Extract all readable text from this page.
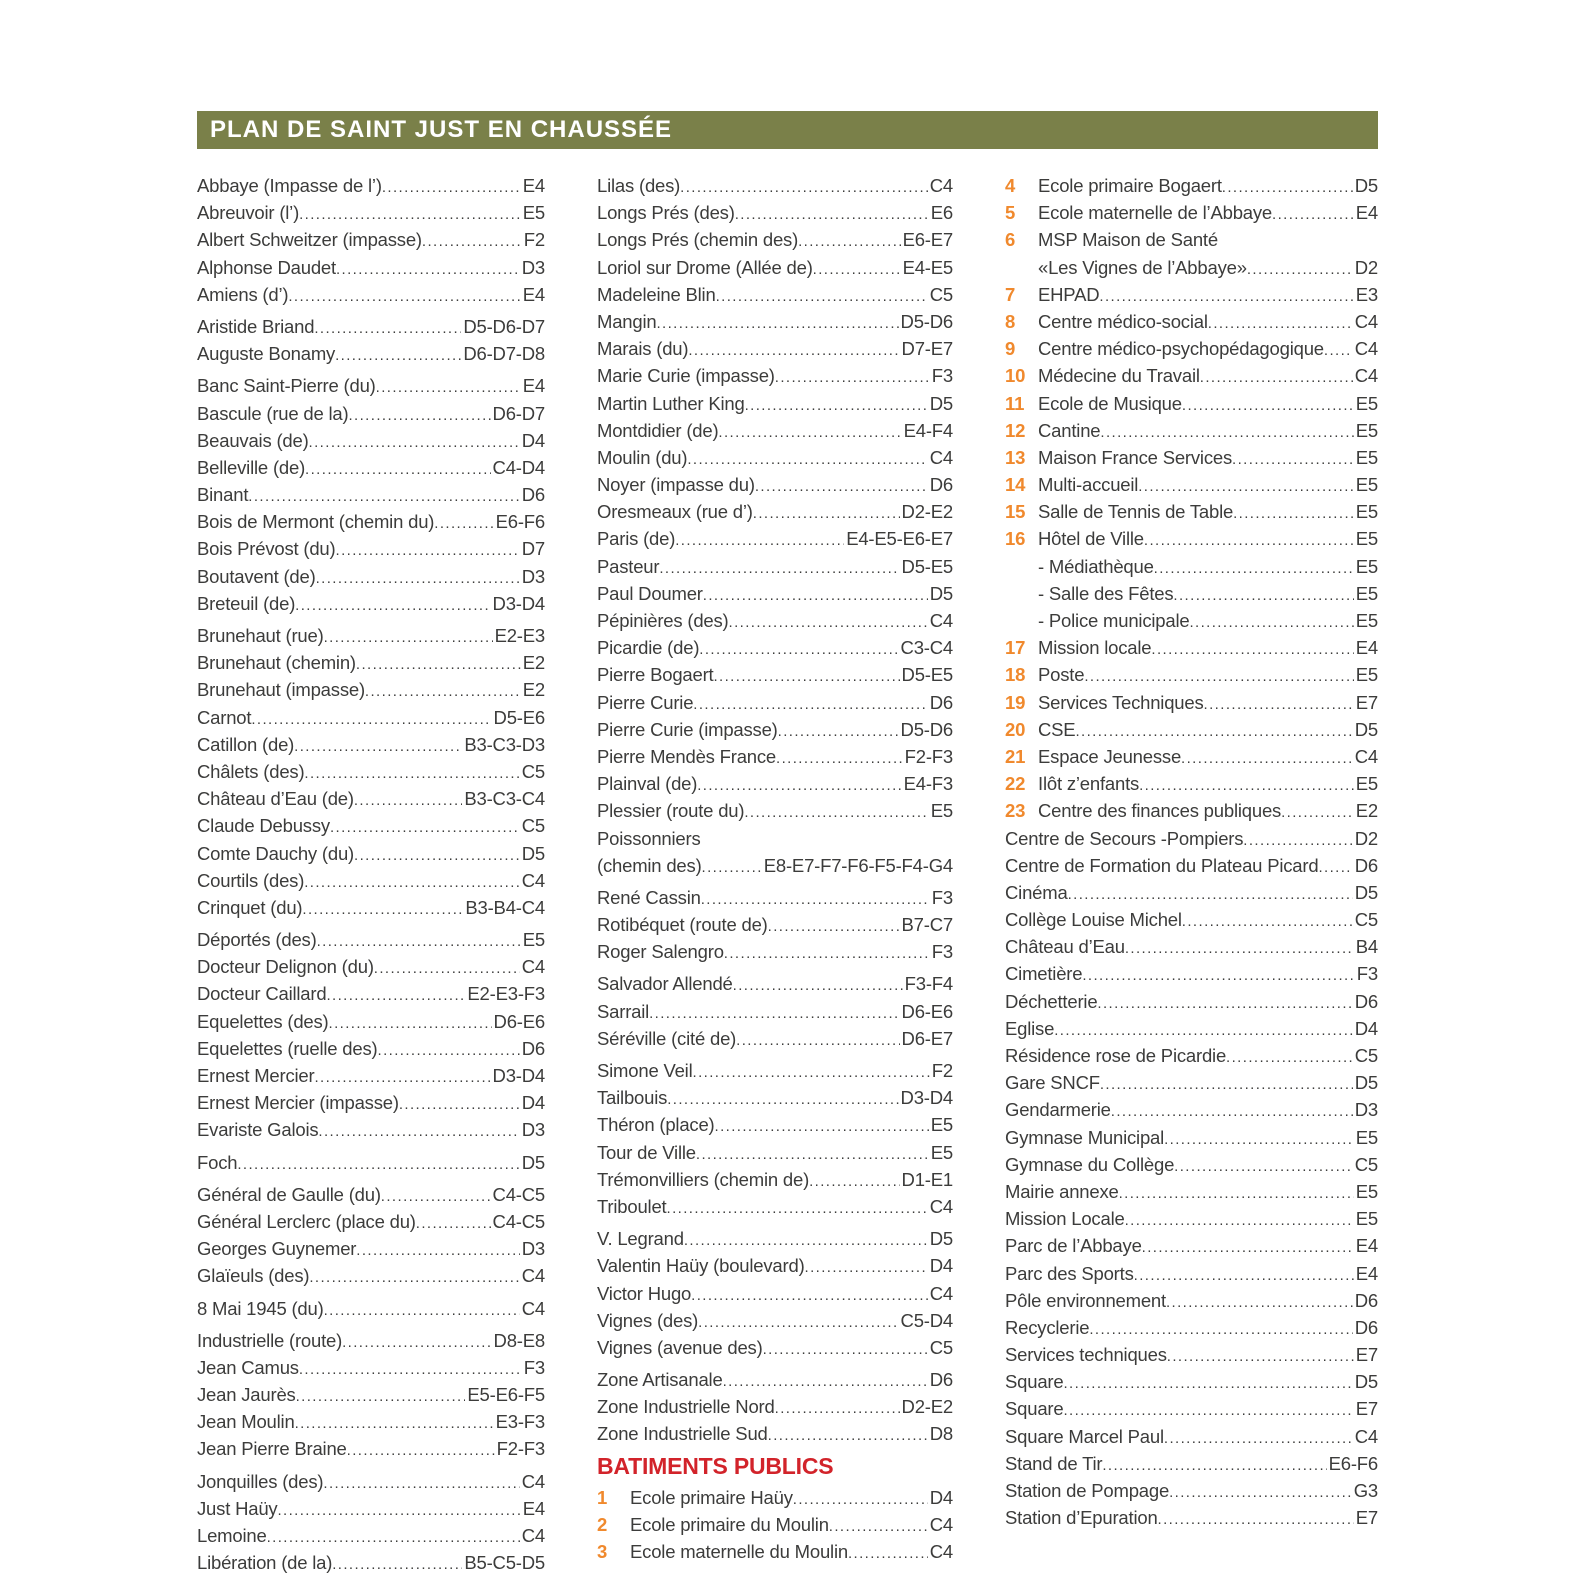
PLAN DE SAINT JUST EN CHAUSSÉE
Abbaye (Impasse de l’) .....	E4
Abreuvoir (l’) .....	E5
Albert Schweitzer (impasse) .....	F2
Alphonse Daudet .....	D3
Amiens (d’) .....	E4
Aristide Briand .....	D5-D6-D7
Auguste Bonamy .....	D6-D7-D8
Banc Saint-Pierre (du) .....	E4
Bascule (rue de la) .....	D6-D7
Beauvais (de) .....	D4
Belleville (de) .....	C4-D4
Binant .....	D6
Bois de Mermont (chemin du) .....	E6-F6
Bois Prévost (du) .....	D7
Boutavent (de) .....	D3
Breteuil (de) .....	D3-D4
Brunehaut (rue) .....	E2-E3
Brunehaut (chemin) .....	E2
Brunehaut (impasse) .....	E2
Carnot .....	D5-E6
Catillon (de) .....	B3-C3-D3
Châlets (des) .....	C5
Château d’Eau (de) .....	B3-C3-C4
Claude Debussy .....	C5
Comte Dauchy (du) .....	D5
Courtils (des) .....	C4
Crinquet (du) .....	B3-B4-C4
Déportés (des) .....	E5
Docteur Delignon (du) .....	C4
Docteur Caillard .....	E2-E3-F3
Equelettes (des) .....	D6-E6
Equelettes (ruelle des) .....	D6
Ernest Mercier .....	D3-D4
Ernest Mercier (impasse) .....	D4
Evariste Galois .....	D3
Foch .....	D5
Général de Gaulle (du) .....	C4-C5
Général Lerclerc (place du) .....	C4-C5
Georges Guynemer .....	D3
Glaïeuls (des) .....	C4
8 Mai 1945 (du) .....	C4
Industrielle (route) .....	D8-E8
Jean Camus .....	F3
Jean Jaurès .....	E5-E6-F5
Jean Moulin .....	E3-F3
Jean Pierre Braine .....	F2-F3
Jonquilles (des) .....	C4
Just Haüy .....	E4
Lemoine .....	C4
Libération (de la) .....	B5-C5-D5
Lilas (des) .....	C4
Longs Prés (des) .....	E6
Longs Prés (chemin des) .....	E6-E7
Loriol sur Drome (Allée de) .....	E4-E5
Madeleine Blin .....	C5
Mangin .....	D5-D6
Marais (du) .....	D7-E7
Marie Curie (impasse) .....	F3
Martin Luther King .....	D5
Montdidier (de) .....	E4-F4
Moulin (du) .....	C4
Noyer (impasse du) .....	D6
Oresmeaux (rue d’) .....	D2-E2
Paris (de) .....	E4-E5-E6-E7
Pasteur .....	D5-E5
Paul Doumer .....	D5
Pépinières (des) .....	C4
Picardie (de) .....	C3-C4
Pierre Bogaert .....	D5-E5
Pierre Curie .....	D6
Pierre Curie (impasse) .....	D5-D6
Pierre Mendès France .....	F2-F3
Plainval (de) .....	E4-F3
Plessier (route du) .....	E5
Poissonniers
(chemin des) .....	E8-E7-F7-F6-F5-F4-G4
René Cassin .....	F3
Rotibéquet (route de) .....	B7-C7
Roger Salengro .....	F3
Salvador Allendé .....	F3-F4
Sarrail .....	D6-E6
Séréville (cité de) .....	D6-E7
Simone Veil .....	F2
Tailbouis .....	D3-D4
Théron (place) .....	E5
Tour de Ville .....	E5
Trémonvilliers (chemin de) .....	D1-E1
Triboulet .....	C4
V. Legrand .....	D5
Valentin Haüy (boulevard) .....	D4
Victor Hugo .....	C4
Vignes (des) .....	C5-D4
Vignes (avenue des) .....	C5
Zone Artisanale .....	D6
Zone Industrielle Nord .....	D2-E2
Zone Industrielle Sud .....	D8
BATIMENTS PUBLICS
1	Ecole primaire Haüy .....	D4
2	Ecole primaire du Moulin .....	C4
3	Ecole maternelle du Moulin .....	C4
4	Ecole primaire Bogaert .....	D5
5	Ecole maternelle de l’Abbaye .....	E4
6	MSP Maison de Santé
«Les Vignes de l’Abbaye» .....	D2
7	EHPAD .....	E3
8	Centre médico-social .....	C4
9	Centre médico-psychopédagogique ..... C4
10 Médecine du Travail .....	C4
11 Ecole de Musique .....	E5
12 Cantine .....	E5
13 Maison France Services .....	E5
14 Multi-accueil .....	E5
15 Salle de Tennis de Table .....	E5
16 Hôtel de Ville .....	E5
- Médiathèque .....	E5
- Salle des Fêtes .....	E5
- Police municipale .....	E5
17 Mission locale .....	E4
18 Poste .....	E5
19 Services Techniques .....	E7
20 CSE .....	D5
21 Espace Jeunesse .....	C4
22 Ilôt z’enfants .....	E5
23 Centre des finances publiques .....	E2
Centre de Secours -Pompiers .....	D2
Centre de Formation du Plateau Picard ..... D6
Cinéma .....	D5
Collège Louise Michel .....	C5
Château d’Eau .....	B4
Cimetière .....	F3
Déchetterie .....	D6
Eglise .....	D4
Résidence rose de Picardie .....	C5
Gare SNCF .....	D5
Gendarmerie .....	D3
Gymnase Municipal .....	E5
Gymnase du Collège .....	C5
Mairie annexe .....	E5
Mission Locale .....	E5
Parc de l’Abbaye .....	E4
Parc des Sports .....	E4
Pôle environnement .....	D6
Recyclerie .....	D6
Services techniques .....	E7
Square .....	D5
Square .....	E7
Square Marcel Paul .....	C4
Stand de Tir .....	E6-F6
Station de Pompage .....	G3
Station d’Epuration .....	E7
